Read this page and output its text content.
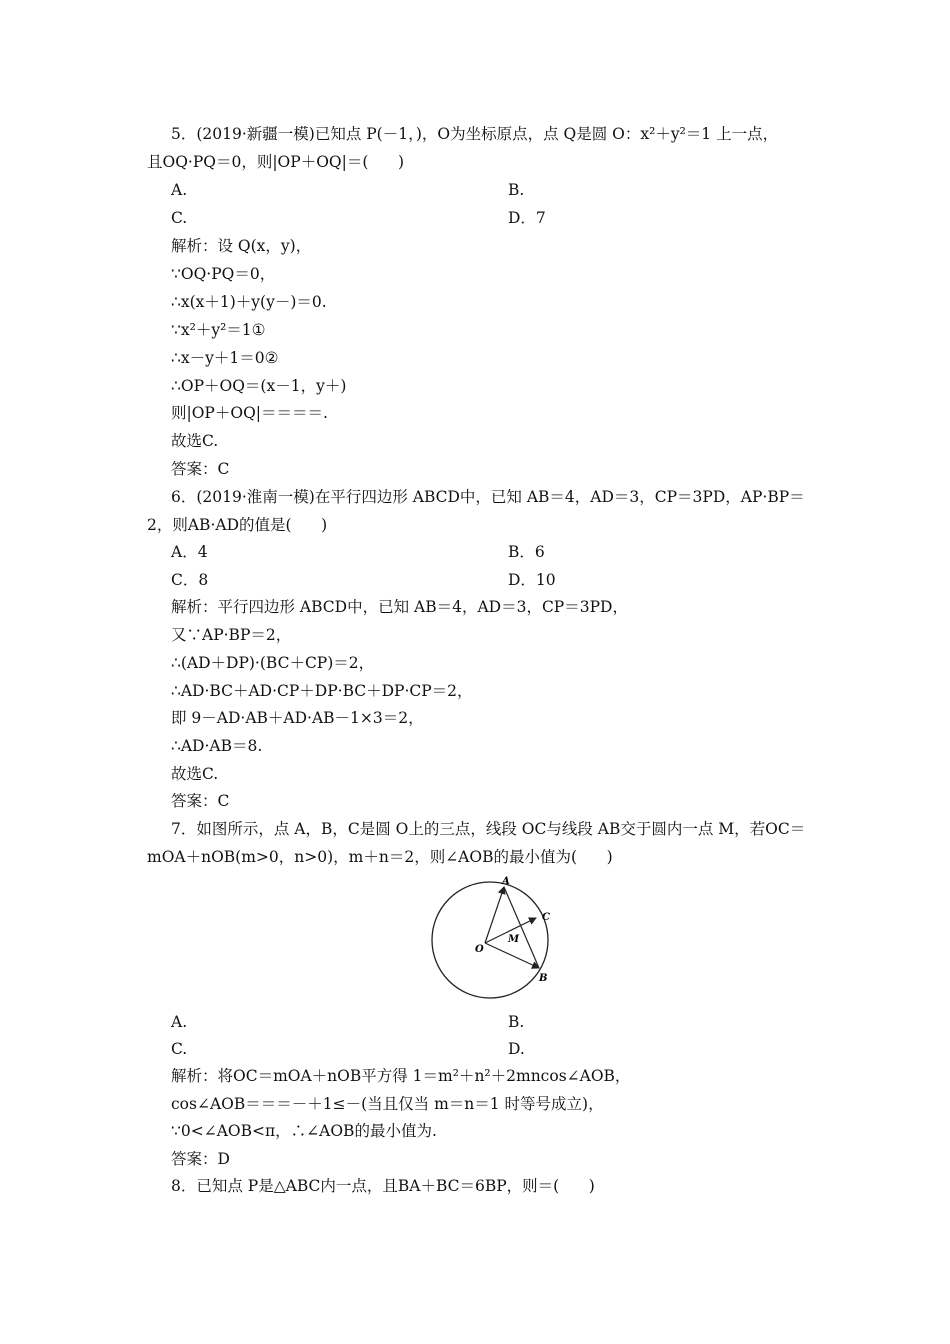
5．(2019·新疆一模)已知点 P(－1，)，O为坐标原点，点 Q是圆 O：x²＋y²＝1 上一点，
且OQ·PQ＝0，则|OP＋OQ|＝(      )
A.	B.
C.	D．7
解析：设 Q(x，y)，
∵OQ·PQ＝0，
∴x(x＋1)＋y(y－)＝0.
∵x²＋y²＝1①
∴x－y＋1＝0②
∴OP＋OQ＝(x－1，y＋)
则|OP＋OQ|＝＝＝＝.
故选C.
答案：C
6．(2019·淮南一模)在平行四边形 ABCD中，已知 AB＝4，AD＝3，CP＝3PD，AP·BP＝
2，则AB·AD的值是(      )
A．4	B．6
C．8	D．10
解析：平行四边形 ABCD中，已知 AB＝4，AD＝3，CP＝3PD，
又∵AP·BP＝2，
∴(AD＋DP)·(BC＋CP)＝2，
∴AD·BC＋AD·CP＋DP·BC＋DP·CP＝2，
即 9－AD·AB＋AD·AB－1×3＝2，
∴AD·AB＝8.
故选C.
答案：C
7．如图所示，点 A，B，C是圆 O上的三点，线段 OC与线段 AB交于圆内一点 M，若OC＝
mOA＋nOB(m>0，n>0)，m＋n＝2，则∠AOB的最小值为(      )
A
B
C
O
M
A.	B.
C.	D.
解析：将OC＝mOA＋nOB平方得 1＝m²＋n²＋2mncos∠AOB，
cos∠AOB＝＝＝－＋1≤－(当且仅当 m＝n＝1 时等号成立)，
∵0<∠AOB<π，∴∠AOB的最小值为.
答案：D
8．已知点 P是△ABC内一点，且BA＋BC＝6BP，则＝(      )
